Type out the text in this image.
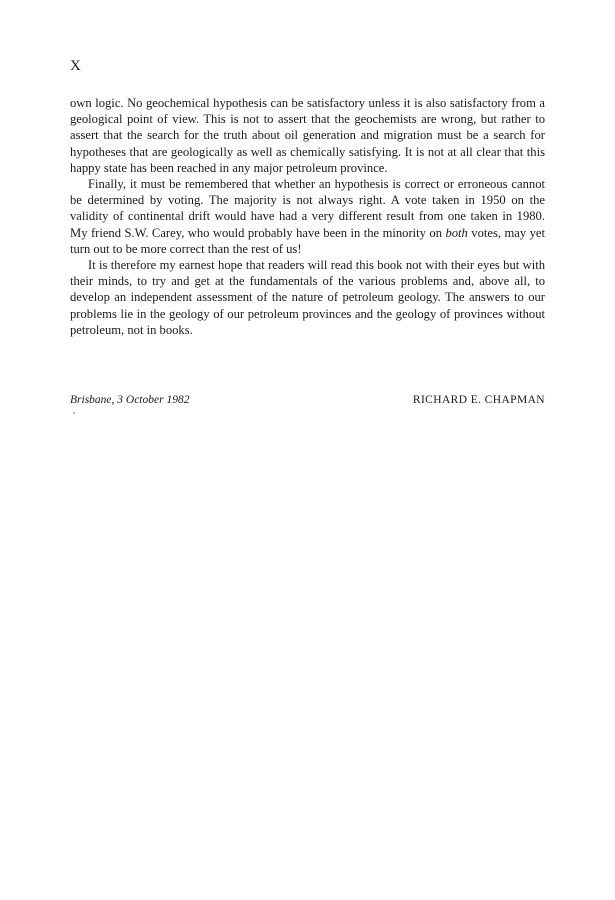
X

own logic. No geochemical hypothesis can be satisfactory unless it is also satisfactory from a geological point of view. This is not to assert that the geochemists are wrong, but rather to assert that the search for the truth about oil generation and migration must be a search for hypotheses that are geologically as well as chemically satisfying. It is not at all clear that this happy state has been reached in any major petroleum province.

Finally, it must be remembered that whether an hypothesis is correct or erroneous cannot be determined by voting. The majority is not always right. A vote taken in 1950 on the validity of continental drift would have had a very different result from one taken in 1980. My friend S.W. Carey, who would probably have been in the minority on both votes, may yet turn out to be more correct than the rest of us!

It is therefore my earnest hope that readers will read this book not with their eyes but with their minds, to try and get at the fundamentals of the various problems and, above all, to develop an independent assessment of the nature of petroleum geology. The answers to our problems lie in the geology of our petroleum provinces and the geology of provinces without petroleum, not in books.

Brisbane, 3 October 1982	RICHARD E. CHAPMAN
